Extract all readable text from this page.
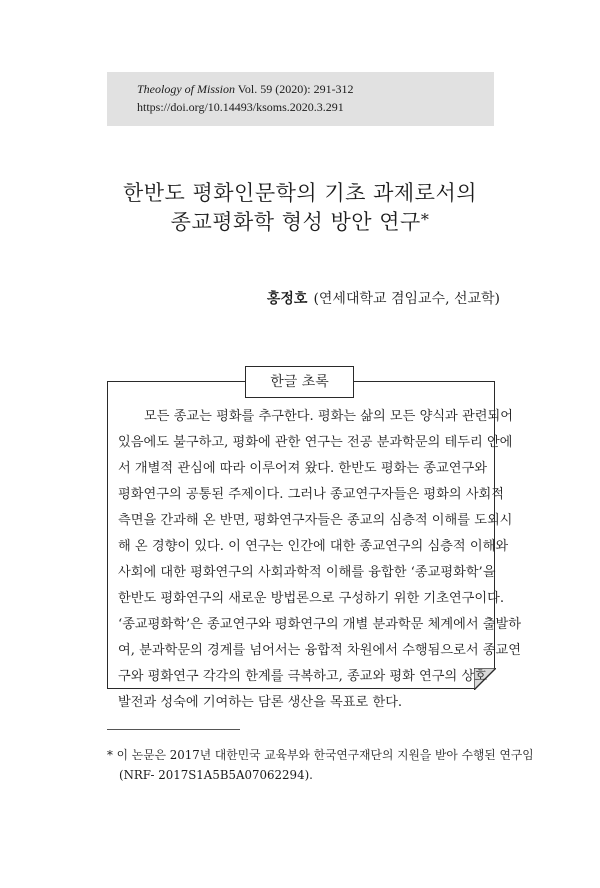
Theology of Mission Vol. 59 (2020): 291-312
https://doi.org/10.14493/ksoms.2020.3.291
한반도 평화인문학의 기초 과제로서의
종교평화학 형성 방안 연구*
홍정호 (연세대학교 겸임교수, 선교학)
한글 초록
모든 종교는 평화를 추구한다. 평화는 삶의 모든 양식과 관련되어
있음에도 불구하고, 평화에 관한 연구는 전공 분과학문의 테두리 안에
서 개별적 관심에 따라 이루어져 왔다. 한반도 평화는 종교연구와
평화연구의 공통된 주제이다. 그러나 종교연구자들은 평화의 사회적
측면을 간과해 온 반면, 평화연구자들은 종교의 심층적 이해를 도외시
해 온 경향이 있다. 이 연구는 인간에 대한 종교연구의 심층적 이해와
사회에 대한 평화연구의 사회과학적 이해를 융합한 ‘종교평화학’을
한반도 평화연구의 새로운 방법론으로 구성하기 위한 기초연구이다.
‘종교평화학’은 종교연구와 평화연구의 개별 분과학문 체계에서 출발하
여, 분과학문의 경계를 넘어서는 융합적 차원에서 수행됨으로서 종교연
구와 평화연구 각각의 한계를 극복하고, 종교와 평화 연구의 상호
발전과 성숙에 기여하는 담론 생산을 목표로 한다.
* 이 논문은 2017년 대한민국 교육부와 한국연구재단의 지원을 받아 수행된 연구임
(NRF- 2017S1A5B5A07062294).
